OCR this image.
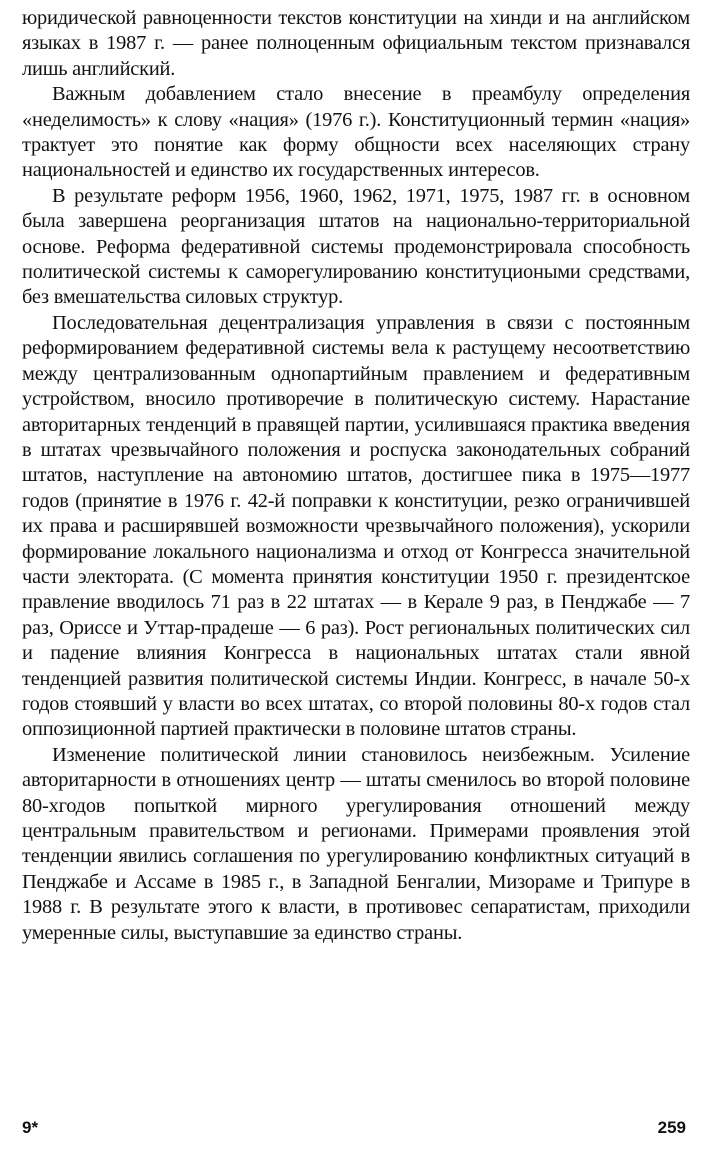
юридической равноценности текстов конституции на хинди и на английском языках в 1987 г. — ранее полноценным официальным текстом признавался лишь английский.

Важным добавлением стало внесение в преамбулу определения «неделимость» к слову «нация» (1976 г.). Конституционный термин «нация» трактует это понятие как форму общности всех населяющих страну национальностей и единство их государственных интересов.

В результате реформ 1956, 1960, 1962, 1971, 1975, 1987 гг. в основном была завершена реорганизация штатов на национально-территориальной основе. Реформа федеративной системы продемонстрировала способность политической системы к саморегулированию конституциоными средствами, без вмешательства силовых структур.

Последовательная децентрализация управления в связи с постоянным реформированием федеративной системы вела к растущему несоответствию между централизованным однопартийным правлением и федеративным устройством, вносило противоречие в политическую систему. Нарастание авторитарных тенденций в правящей партии, усилившаяся практика введения в штатах чрезвычайного положения и роспуска законодательных собраний штатов, наступление на автономию штатов, достигшее пика в 1975—1977 годов (принятие в 1976 г. 42-й поправки к конституции, резко ограничившей их права и расширявшей возможности чрезвычайного положения), ускорили формирование локального национализма и отход от Конгресса значительной части электората. (С момента принятия конституции 1950 г. президентское правление вводилось 71 раз в 22 штатах — в Керале 9 раз, в Пенджабе — 7 раз, Ориссе и Уттар-прадеше — 6 раз). Рост региональных политических сил и падение влияния Конгресса в национальных штатах стали явной тенденцией развития политической системы Индии. Конгресс, в начале 50-х годов стоявший у власти во всех штатах, со второй половины 80-х годов стал оппозиционной партией практически в половине штатов страны.

Изменение политической линии становилось неизбежным. Усиление авторитарности в отношениях центр — штаты сменилось во второй половине 80-хгодов попыткой мирного урегулирования отношений между центральным правительством и регионами. Примерами проявления этой тенденции явились соглашения по урегулированию конфликтных ситуаций в Пенджабе и Ассаме в 1985 г., в Западной Бенгалии, Мизораме и Трипуре в 1988 г. В результате этого к власти, в противовес сепаратистам, приходили умеренные силы, выступавшие за единство страны.

9*	259
